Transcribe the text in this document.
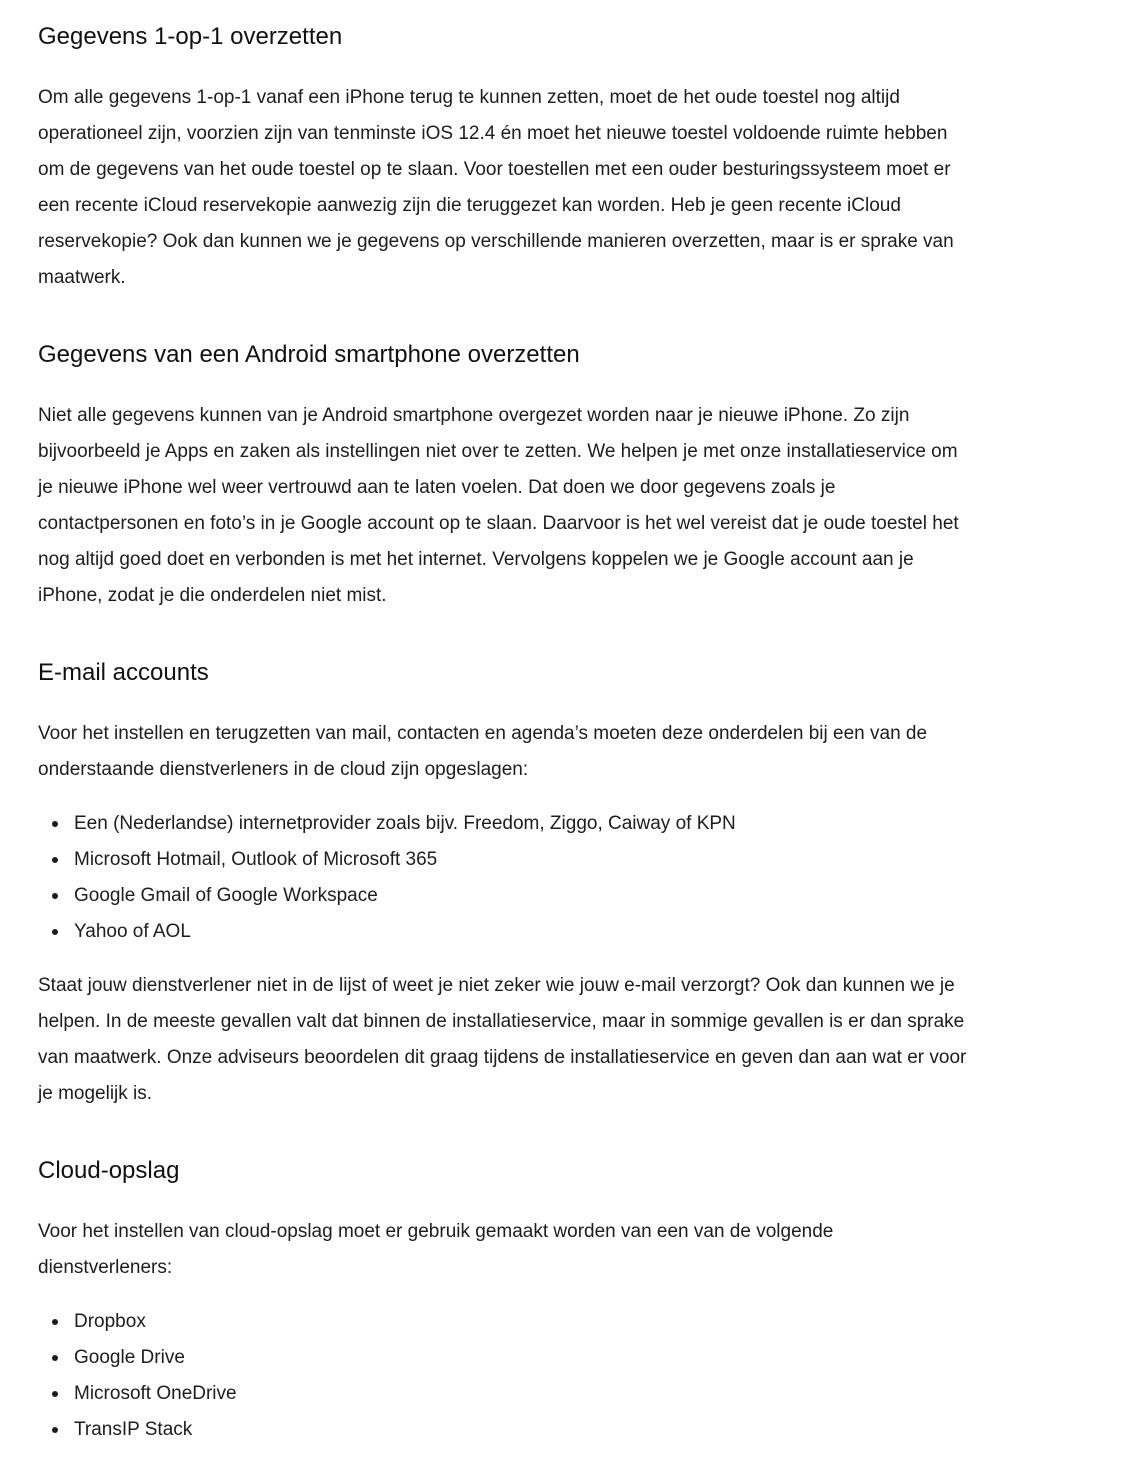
Gegevens 1-op-1 overzetten

Om alle gegevens 1-op-1 vanaf een iPhone terug te kunnen zetten, moet de het oude toestel nog altijd
operationeel zijn, voorzien zijn van tenminste iOS 12.4 én moet het nieuwe toestel voldoende ruimte hebben
om de gegevens van het oude toestel op te slaan. Voor toestellen met een ouder besturingssysteem moet er
een recente iCloud reservekopie aanwezig zijn die teruggezet kan worden. Heb je geen recente iCloud
reservekopie? Ook dan kunnen we je gegevens op verschillende manieren overzetten, maar is er sprake van
maatwerk.

Gegevens van een Android smartphone overzetten

Niet alle gegevens kunnen van je Android smartphone overgezet worden naar je nieuwe iPhone. Zo zijn
bijvoorbeeld je Apps en zaken als instellingen niet over te zetten. We helpen je met onze installatieservice om
je nieuwe iPhone wel weer vertrouwd aan te laten voelen. Dat doen we door gegevens zoals je
contactpersonen en foto’s in je Google account op te slaan. Daarvoor is het wel vereist dat je oude toestel het
nog altijd goed doet en verbonden is met het internet. Vervolgens koppelen we je Google account aan je
iPhone, zodat je die onderdelen niet mist.

E-mail accounts

Voor het instellen en terugzetten van mail, contacten en agenda’s moeten deze onderdelen bij een van de
onderstaande dienstverleners in de cloud zijn opgeslagen:

Een (Nederlandse) internetprovider zoals bijv. Freedom, Ziggo, Caiway of KPN
Microsoft Hotmail, Outlook of Microsoft 365
Google Gmail of Google Workspace
Yahoo of AOL

Staat jouw dienstverlener niet in de lijst of weet je niet zeker wie jouw e-mail verzorgt? Ook dan kunnen we je
helpen. In de meeste gevallen valt dat binnen de installatieservice, maar in sommige gevallen is er dan sprake
van maatwerk. Onze adviseurs beoordelen dit graag tijdens de installatieservice en geven dan aan wat er voor
je mogelijk is.

Cloud-opslag

Voor het instellen van cloud-opslag moet er gebruik gemaakt worden van een van de volgende
dienstverleners:

Dropbox
Google Drive
Microsoft OneDrive
TransIP Stack
